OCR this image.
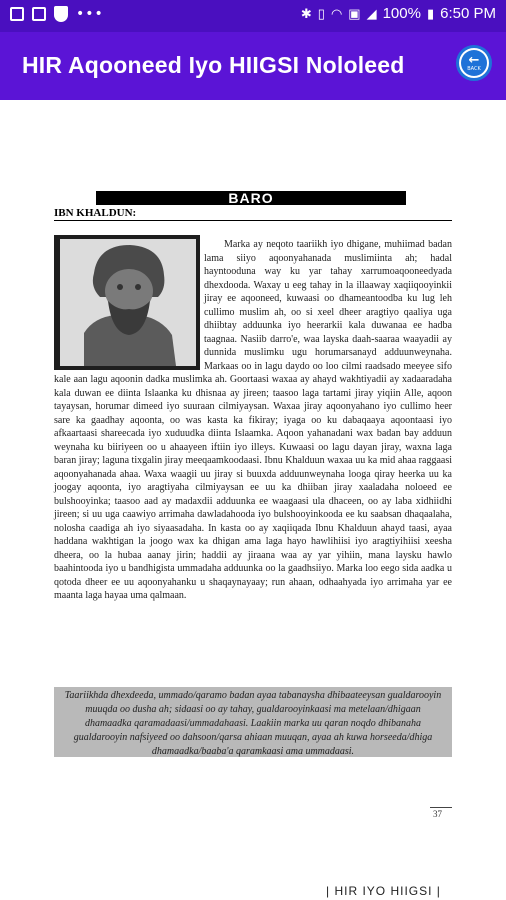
•••	✱ ▯ ◠ ▣ ◢ 100% ▮ 6:50 PM
HIR Aqooneed Iyo HIIGSI Nololeed	←
BACK
BARO
IBN KHALDUN:

Marka ay neqoto taariikh iyo dhigane, muhiimad badan lama siiyo aqoonyahanada muslimiinta ah; hadal hayntooduna way ku yar tahay xarrumoaqooneedyada dhexdooda. Waxay u eeg tahay in la illaaway xaqiiqooyinkii jiray ee aqooneed, kuwaasi oo dhameantoodba ku lug leh cullimo muslim ah, oo si xeel dheer aragtiyo qaaliya uga dhiibtay adduunka iyo heerarkii kala duwanaa ee hadba taagnaa. Nasiib darro'e, waa layska daah-saaraa waayadii ay dunnida muslimku ugu horumarsanayd adduunweynaha. Markaas oo in lagu daydo oo loo cilmi raadsado meeyee sifo kale aan lagu aqoonin dadka muslimka ah. Goortaasi waxaa ay ahayd wakhtiyadii ay xadaaradaha kala duwan ee diinta Islaanka ku dhisnaa ay jireen; taasoo laga tartami jiray yiqiin Alle, aqoon tayaysan, horumar dimeed iyo suuraan cilmiyaysan. Waxaa jiray aqoonyahano iyo cullimo heer sare ka gaadhay aqoonta, oo was kasta ka fikiray; iyaga oo ku dabaqaaya aqoontaasi iyo afkaartaasi shareecada iyo xuduudka diinta Islaamka. Aqoon yahanadani wax badan bay adduun weynaha ku biiriyeen oo u ahaayeen iftiin iyo illeys. Kuwaasi oo lagu dayan jiray, waxna laga baran jiray; laguna tixgalin jiray meeqaamkoodaasi. Ibnu Khalduun waxaa uu ka mid ahaa raggaasi aqoonyahanada ahaa. Waxa waagii uu jiray si buuxda adduunweynaha looga qiray heerka uu ka joogay aqoonta, iyo aragtiyaha cilmiyaysan ee uu ka dhiiban jiray xaaladaha noloeed ee bulshooyinka; taasoo aad ay madaxdii adduunka ee waagaasi ula dhaceen, oo ay laba xidhiidhi jireen; si uu uga caawiyo arrimaha dawladahooda iyo bulshooyinkooda ee ku saabsan dhaqaalaha, nolosha caadiga ah iyo siyaasadaha. In kasta oo ay xaqiiqada Ibnu Khalduun ahayd taasi, ayaa haddana wakhtigan la joogo wax ka dhigan ama laga hayo hawlihiisi iyo aragtiyihiisi xeesha dheera, oo la hubaa aanay jirin; haddii ay jiraana waa ay yar yihiin, mana laysku hawlo baahintooda iyo u bandhigista ummadaha adduunka oo la gaadhsiiyo. Marka loo eego sida aadka u qotoda dheer ee uu aqoonyahanku u shaqaynayaay; run ahaan, odhaahyada iyo arrimaha yar ee maanta laga hayaa uma qalmaan.

Taariikhda dhexdeeda, ummado/qaramo badan ayaa tabanaysha dhibaateeysan gualdarooyin muuqda oo dusha ah; sidaasi oo ay tahay, gualdarooyinkaasi ma metelaan/dhigaan dhamaadka qaramadaasi/ummadahaasi. Laakiin marka uu qaran noqdo dhibanaha gualdarooyin nafsiyeed oo dahsoon/qarsa ahiaan muuqan, ayaa ah kuwa horseeda/dhiga dhamaadka/baaba'a qaramkaasi ama ummadaasi.
37
| HIR IYO HIIGSI |
